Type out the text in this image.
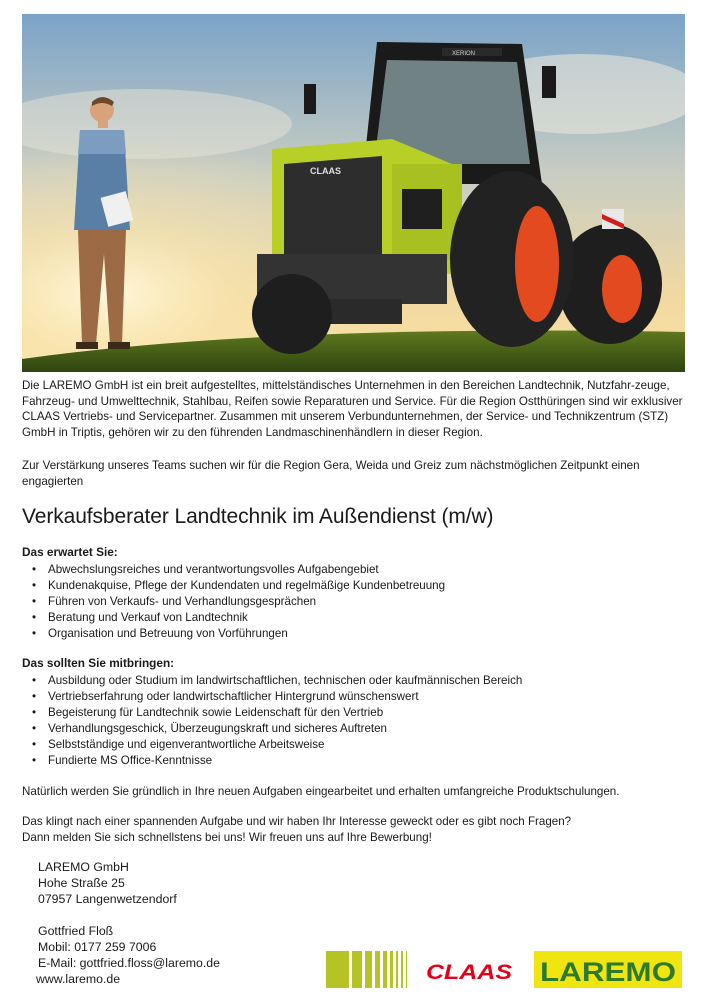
XERION
CLAAS

Die LAREMO GmbH ist ein breit aufgestelltes, mittelständisches Unternehmen in den Bereichen Landtechnik, Nutzfahr-zeuge, Fahrzeug- und Umwelttechnik, Stahlbau, Reifen sowie Reparaturen und Service. Für die Region Ostthüringen sind wir exklusiver CLAAS Vertriebs- und Servicepartner. Zusammen mit unserem Verbundunternehmen, der Service- und Technikzentrum (STZ) GmbH in Triptis, gehören wir zu den führenden Landmaschinenhändlern in dieser Region.

Zur Verstärkung unseres Teams suchen wir für die Region Gera, Weida und Greiz zum nächstmöglichen Zeitpunkt einen engagierten

Verkaufsberater Landtechnik im Außendienst (m/w)
Das erwartet Sie:
• Abwechslungsreiches und verantwortungsvolles Aufgabengebiet
• Kundenakquise, Pflege der Kundendaten und regelmäßige Kundenbetreuung
• Führen von Verkaufs- und Verhandlungsgesprächen
• Beratung und Verkauf von Landtechnik
• Organisation und Betreuung von Vorführungen
Das sollten Sie mitbringen:
• Ausbildung oder Studium im landwirtschaftlichen, technischen oder kaufmännischen Bereich
• Vertriebserfahrung oder landwirtschaftlicher Hintergrund wünschenswert
• Begeisterung für Landtechnik sowie Leidenschaft für den Vertrieb
• Verhandlungsgeschick, Überzeugungskraft und sicheres Auftreten
• Selbstständige und eigenverantwortliche Arbeitsweise
• Fundierte MS Office-Kenntnisse

Natürlich werden Sie gründlich in Ihre neuen Aufgaben eingearbeitet und erhalten umfangreiche Produktschulungen.

Das klingt nach einer spannenden Aufgabe und wir haben Ihr Interesse geweckt oder es gibt noch Fragen?

Dann melden Sie sich schnellstens bei uns! Wir freuen uns auf Ihre Bewerbung!

LAREMO GmbH
Hohe Straße 25
07957 Langenwetzendorf
Gottfried Floß
Mobil: 0177 259 7006
E-Mail: gottfried.floss@laremo.de
www.laremo.de	CLAAS LAREMO
